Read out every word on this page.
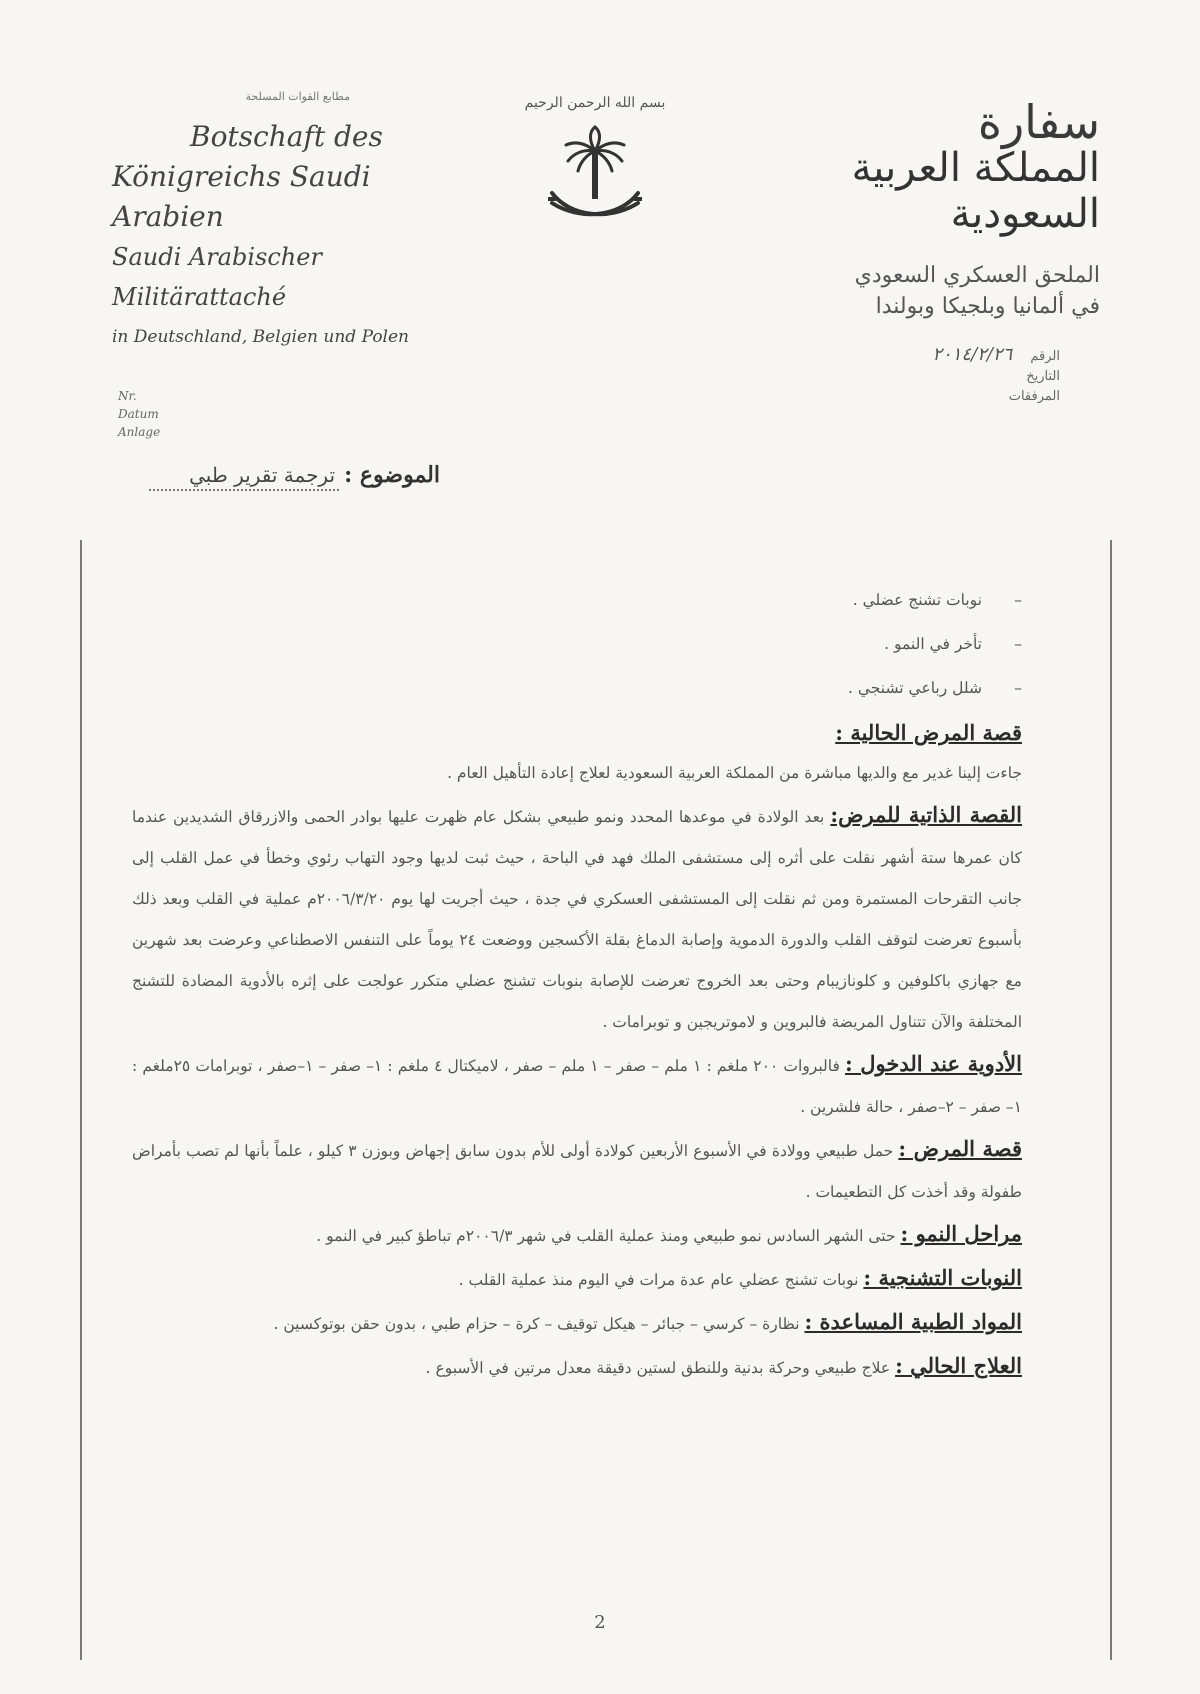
سفارة
المملكة العربية السعودية
الملحق العسكري السعودي
في ألمانيا وبلجيكا وبولندا
بسم الله الرحمن الرحيم
مطابع القوات المسلحة
Botschaft des
Königreichs Saudi Arabien
Saudi Arabischer Militärattaché
in Deutschland, Belgien und Polen
Nr.
Datum
Anlage
الرقم ٢٠١٤/٢/٢٦
التاريخ
المرفقات
الموضوع : ترجمة تقرير طبي
–نوبات تشنج عضلي .
–تأخر في النمو .
–شلل رباعي تشنجي .
قصة المرض الحالية :

جاءت إلينا غدير مع والديها مباشرة من المملكة العربية السعودية لعلاج إعادة التأهيل العام .

القصة الذاتية للمرض: بعد الولادة في موعدها المحدد ونمو طبيعي بشكل عام ظهرت عليها بوادر الحمى والازرقاق الشديدين عندما كان عمرها ستة أشهر نقلت على أثره إلى مستشفى الملك فهد في الباحة ، حيث ثبت لديها وجود التهاب رئوي وخطأ في عمل القلب إلى جانب التقرحات المستمرة ومن ثم نقلت إلى المستشفى العسكري في جدة ، حيث أجريت لها يوم ٢٠٠٦/٣/٢٠م عملية في القلب وبعد ذلك بأسبوع تعرضت لتوقف القلب والدورة الدموية وإصابة الدماغ بقلة الأكسجين ووضعت ٢٤ يوماً على التنفس الاصطناعي وعرضت بعد شهرين مع جهازي باكلوفين و كلونازيبام وحتى بعد الخروج تعرضت للإصابة بنوبات تشنج عضلي متكرر عولجت على إثره بالأدوية المضادة للتشنج المختلفة والآن تتناول المريضة فالبروين و لاموتريجين و توبرامات .

الأدوية عند الدخول : فالبروات ٢٠٠ ملغم : ١ ملم – صفر – ١ ملم – صفر ، لاميكتال ٤ ملغم : ١– صفر – ١–صفر ، توبرامات ٢٥ملغم : ١– صفر – ٢–صفر ، حالة فلشرين .

قصة المرض : حمل طبيعي وولادة في الأسبوع الأربعين كولادة أولى للأم بدون سابق إجهاض وبوزن ٣ كيلو ، علماً بأنها لم تصب بأمراض طفولة وقد أخذت كل التطعيمات .

مراحل النمو : حتى الشهر السادس نمو طبيعي ومنذ عملية القلب في شهر ٢٠٠٦/٣م تباطؤ كبير في النمو .

النوبات التشنجية : نوبات تشنج عضلي عام عدة مرات في اليوم منذ عملية القلب .

المواد الطبية المساعدة : نظارة – كرسي – جبائر – هيكل توقيف – كرة – حزام طبي ، بدون حقن بوتوكسين .

العلاج الحالي : علاج طبيعي وحركة بدنية وللنطق لستين دقيقة معدل مرتين في الأسبوع .

2
